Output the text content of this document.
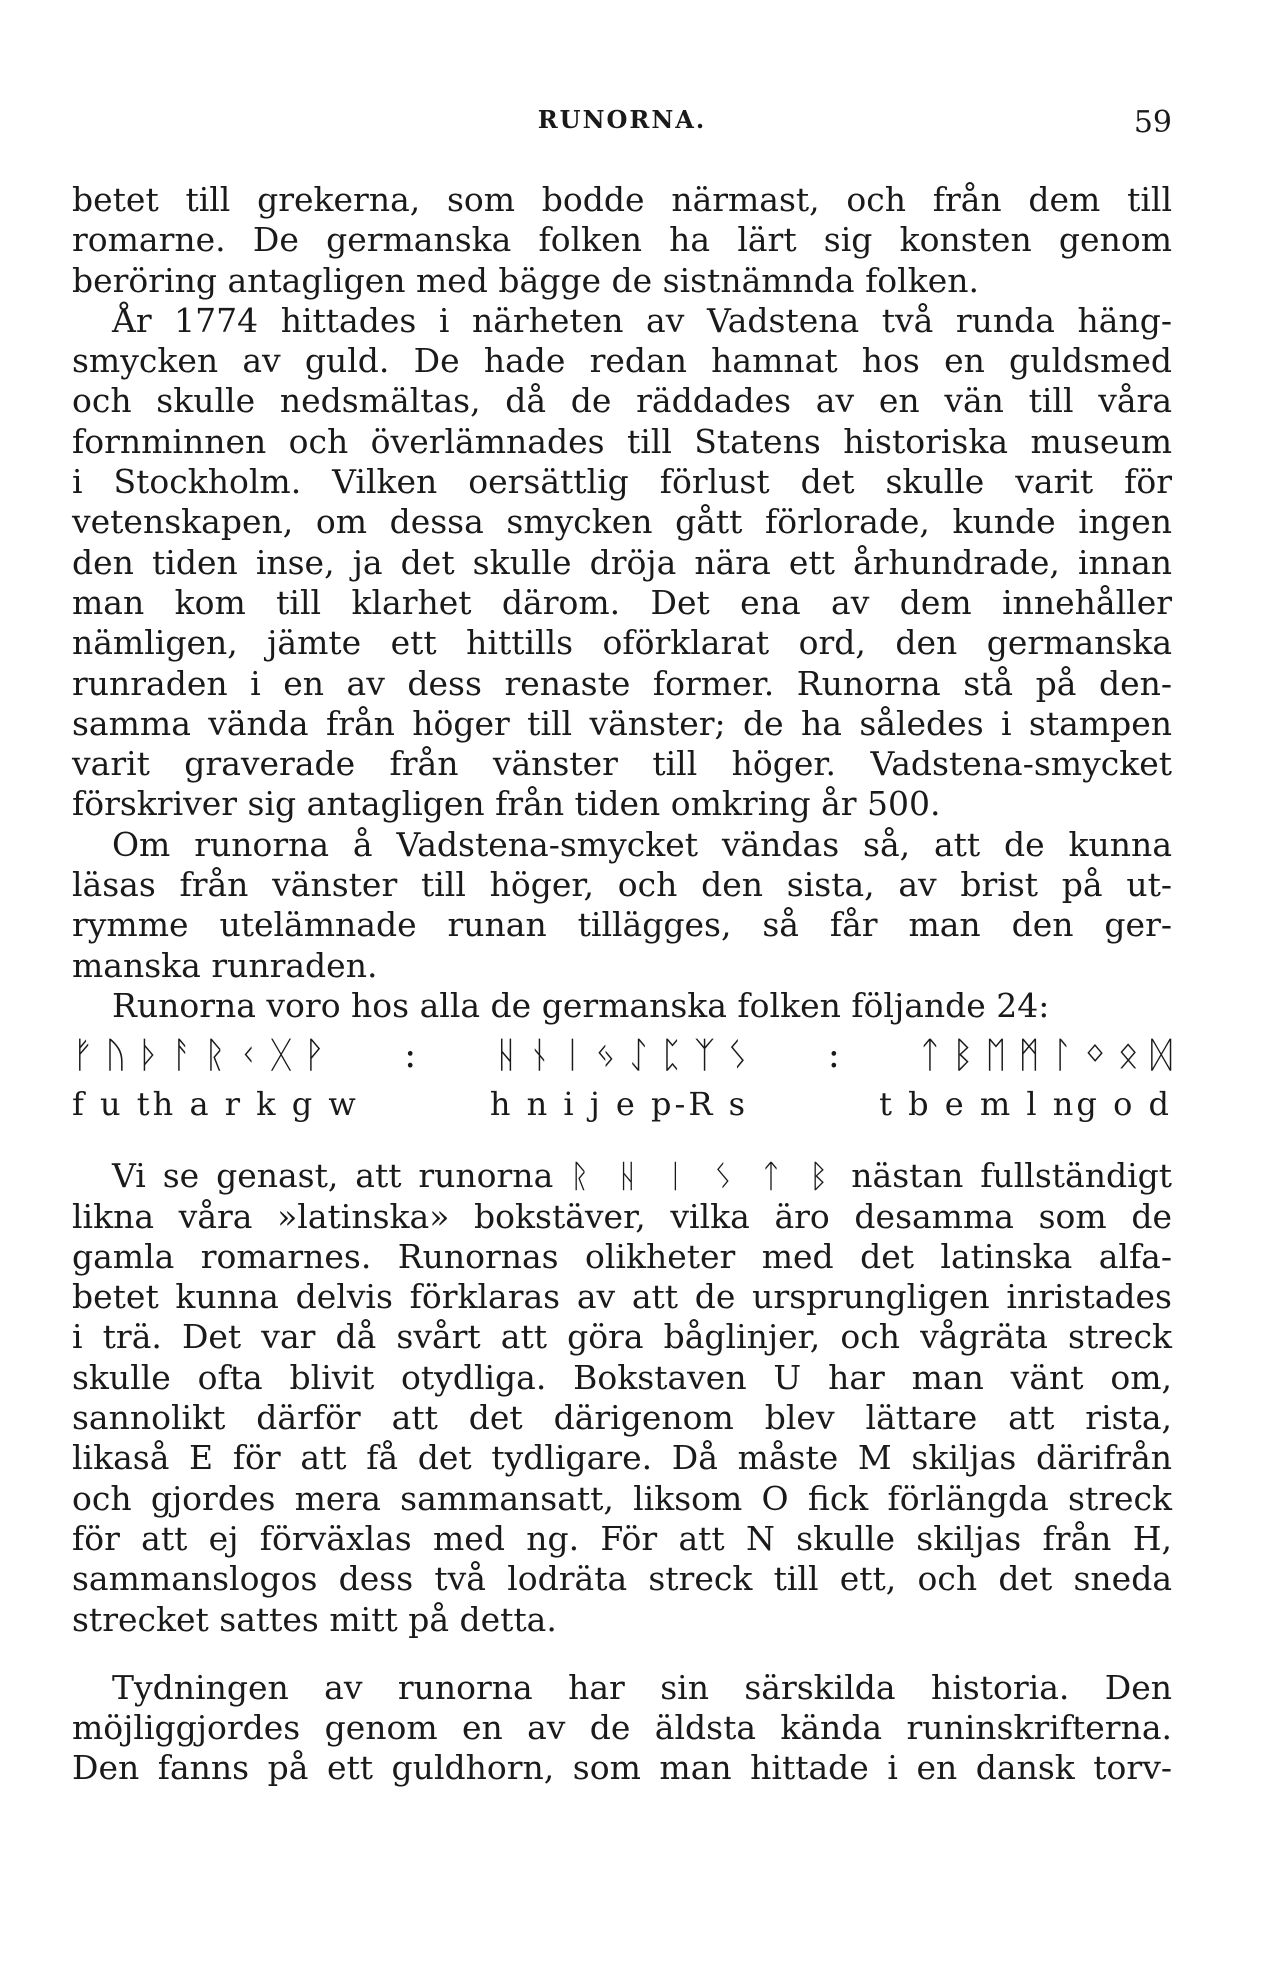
RUNORNA.	59
betet till grekerna, som bodde närmast, och från dem till
romarne. De germanska folken ha lärt sig konsten genom
beröring antagligen med bägge de sistnämnda folken.
År 1774 hittades i närheten av Vadstena två runda häng-
smycken av guld. De hade redan hamnat hos en guldsmed
och skulle nedsmältas, då de räddades av en vän till våra
fornminnen och överlämnades till Statens historiska museum
i Stockholm. Vilken oersättlig förlust det skulle varit för
vetenskapen, om dessa smycken gått förlorade, kunde ingen
den tiden inse, ja det skulle dröja nära ett århundrade, innan
man kom till klarhet därom. Det ena av dem innehåller
nämligen, jämte ett hittills oförklarat ord, den germanska
runraden i en av dess renaste former. Runorna stå på den-
samma vända från höger till vänster; de ha således i stampen
varit graverade från vänster till höger. Vadstena-smycket
förskriver sig antagligen från tiden omkring år 500.
Om runorna å Vadstena-smycket vändas så, att de kunna
läsas från vänster till höger, och den sista, av brist på ut-
rymme utelämnade runan tillägges, så får man den ger-
manska runraden.
Runorna voro hos alla de germanska folken följande 24:
ᚠ ᚢ ᚦ ᚨ ᚱ ᚲ ᚷ ᚹ : ᚺ ᚾ ᛁ ᛃ ᛇ ᛈ ᛉ ᛊ : ᛏ ᛒ ᛖ ᛗ ᛚ ᛜ ᛟ ᛞ
f u th a r k g w	h n i j e p-R s	t b e m l ng o d
Vi se genast, att runorna ᚱ ᚺ ᛁ ᛊ ᛏ ᛒ nästan fullständigt
likna våra »latinska» bokstäver, vilka äro desamma som de
gamla romarnes. Runornas olikheter med det latinska alfa-
betet kunna delvis förklaras av att de ursprungligen inristades
i trä. Det var då svårt att göra båglinjer, och vågräta streck
skulle ofta blivit otydliga. Bokstaven U har man vänt om,
sannolikt därför att det därigenom blev lättare att rista,
likaså E för att få det tydligare. Då måste M skiljas därifrån
och gjordes mera sammansatt, liksom O fick förlängda streck
för att ej förväxlas med ng. För att N skulle skiljas från H,
sammanslogos dess två lodräta streck till ett, och det sneda
strecket sattes mitt på detta.
Tydningen av runorna har sin särskilda historia. Den
möjliggjordes genom en av de äldsta kända runinskrifterna.
Den fanns på ett guldhorn, som man hittade i en dansk torv-
